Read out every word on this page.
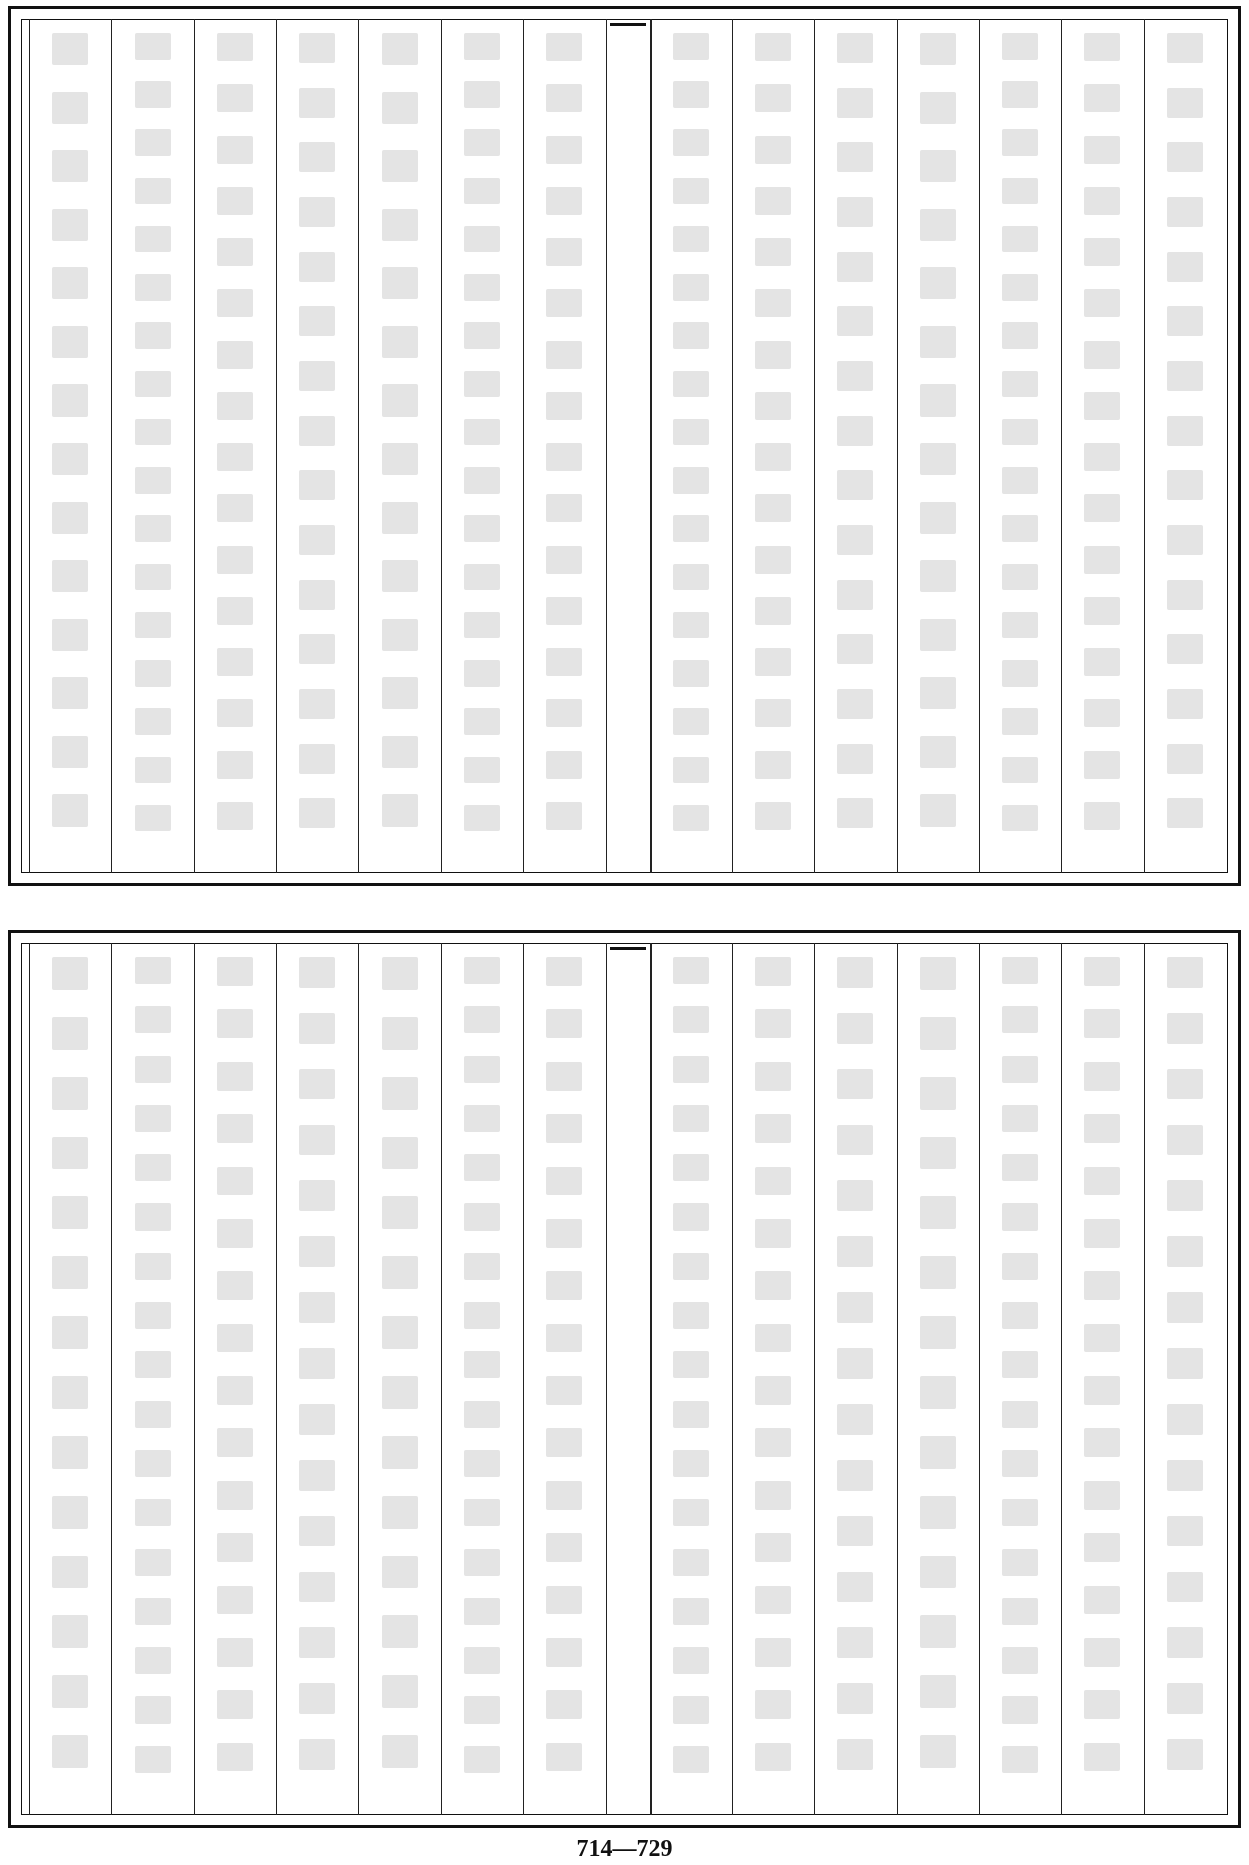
714—729
